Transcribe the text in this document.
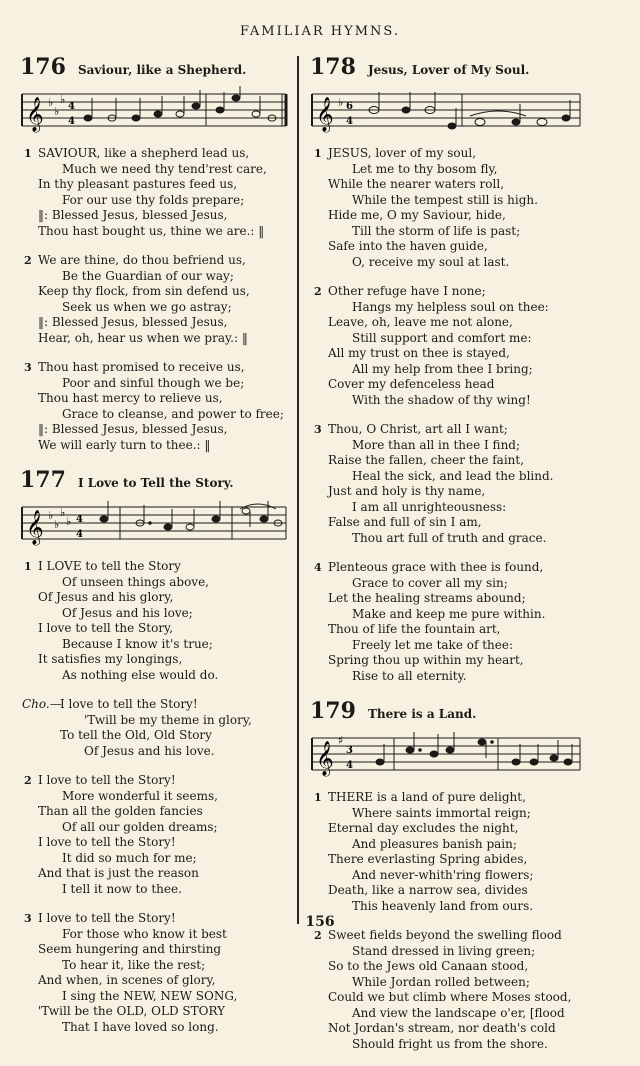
FAMILIAR HYMNS.
176 Saviour, like a Shepherd.
𝄞 ♭
♭
♭
4
4
1 SAVIOUR, like a shepherd lead us,
Much we need thy tend'rest care,
In thy pleasant pastures feed us,
For our use thy folds prepare;
‖: Blessed Jesus, blessed Jesus,
Thou hast bought us, thine we are.: ‖
2 We are thine, do thou befriend us,
Be the Guardian of our way;
Keep thy flock, from sin defend us,
Seek us when we go astray;
‖: Blessed Jesus, blessed Jesus,
Hear, oh, hear us when we pray.: ‖
3 Thou hast promised to receive us,
Poor and sinful though we be;
Thou hast mercy to relieve us,
Grace to cleanse, and power to free;
‖: Blessed Jesus, blessed Jesus,
We will early turn to thee.: ‖
177 I Love to Tell the Story.
𝄞 ♭
♭
♭
♭ 4
4
1 I LOVE to tell the Story
Of unseen things above,
Of Jesus and his glory,
Of Jesus and his love;
I love to tell the Story,
Because I know it's true;
It satisfies my longings,
As nothing else would do.
Cho.—I love to tell the Story!
'Twill be my theme in glory,
To tell the Old, Old Story
Of Jesus and his love.
2 I love to tell the Story!
More wonderful it seems,
Than all the golden fancies
Of all our golden dreams;
I love to tell the Story!
It did so much for me;
And that is just the reason
I tell it now to thee.
3 I love to tell the Story!
For those who know it best
Seem hungering and thirsting
To hear it, like the rest;
And when, in scenes of glory,
I sing the NEW, NEW SONG,
'Twill be the OLD, OLD STORY
That I have loved so long.
178 Jesus, Lover of My Soul.
𝄞 ♭ 6
4
1 JESUS, lover of my soul,
Let me to thy bosom fly,
While the nearer waters roll,
While the tempest still is high.
Hide me, O my Saviour, hide,
Till the storm of life is past;
Safe into the haven guide,
O, receive my soul at last.
2 Other refuge have I none;
Hangs my helpless soul on thee:
Leave, oh, leave me not alone,
Still support and comfort me:
All my trust on thee is stayed,
All my help from thee I bring;
Cover my defenceless head
With the shadow of thy wing!
3 Thou, O Christ, art all I want;
More than all in thee I find;
Raise the fallen, cheer the faint,
Heal the sick, and lead the blind.
Just and holy is thy name,
I am all unrighteousness:
False and full of sin I am,
Thou art full of truth and grace.
4 Plenteous grace with thee is found,
Grace to cover all my sin;
Let the healing streams abound;
Make and keep me pure within.
Thou of life the fountain art,
Freely let me take of thee:
Spring thou up within my heart,
Rise to all eternity.
179 There is a Land.
𝄞
♯
3
4
1 THERE is a land of pure delight,
Where saints immortal reign;
Eternal day excludes the night,
And pleasures banish pain;
There everlasting Spring abides,
And never-whith'ring flowers;
Death, like a narrow sea, divides
This heavenly land from ours.
2 Sweet fields beyond the swelling flood
Stand dressed in living green;
So to the Jews old Canaan stood,
While Jordan rolled between;
Could we but climb where Moses stood,
And view the landscape o'er, [flood
Not Jordan's stream, nor death's cold
Should fright us from the shore.
156
